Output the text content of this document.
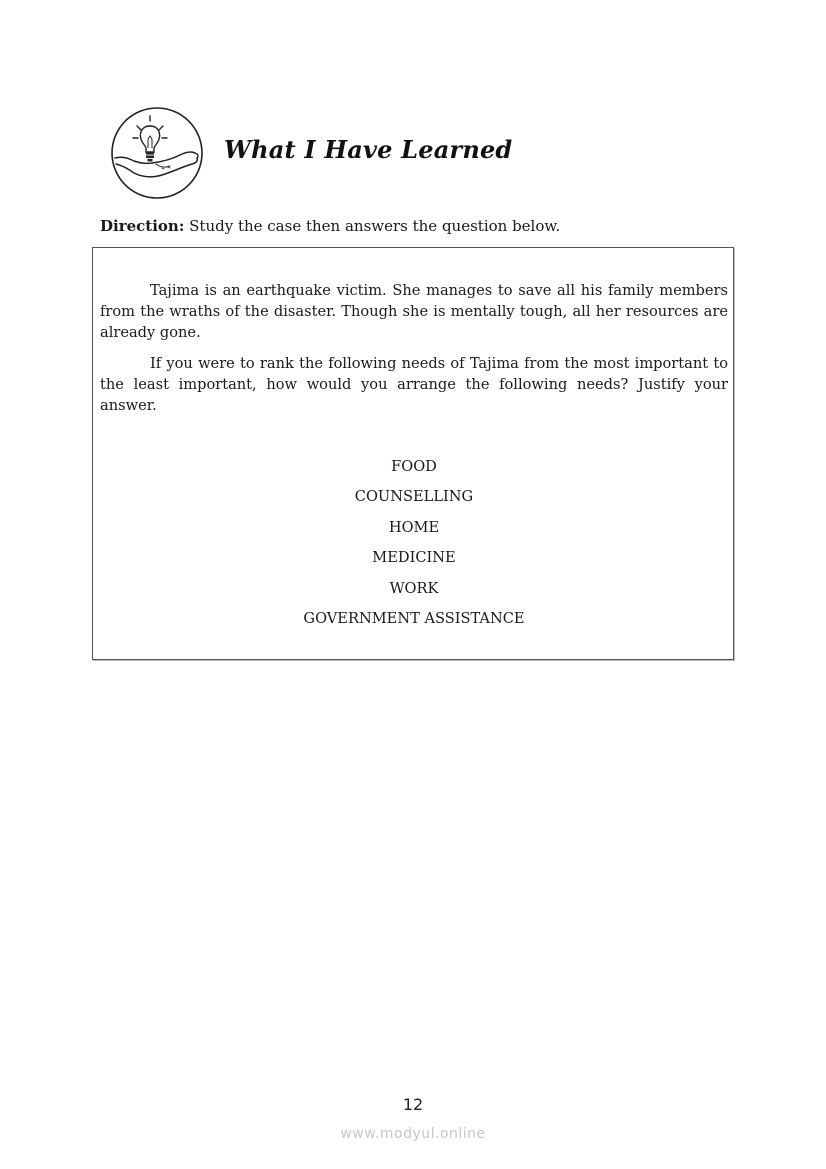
What I Have Learned

Direction: Study the case then answers the question below.

Tajima is an earthquake victim. She manages to save all his family members from the wraths of the disaster. Though she is mentally tough, all her resources are already gone.

If you were to rank the following needs of Tajima from the most important to the least important, how would you arrange the following needs? Justify your answer.

FOOD
COUNSELLING
HOME
MEDICINE
WORK
GOVERNMENT ASSISTANCE
12
www.modyul.online
